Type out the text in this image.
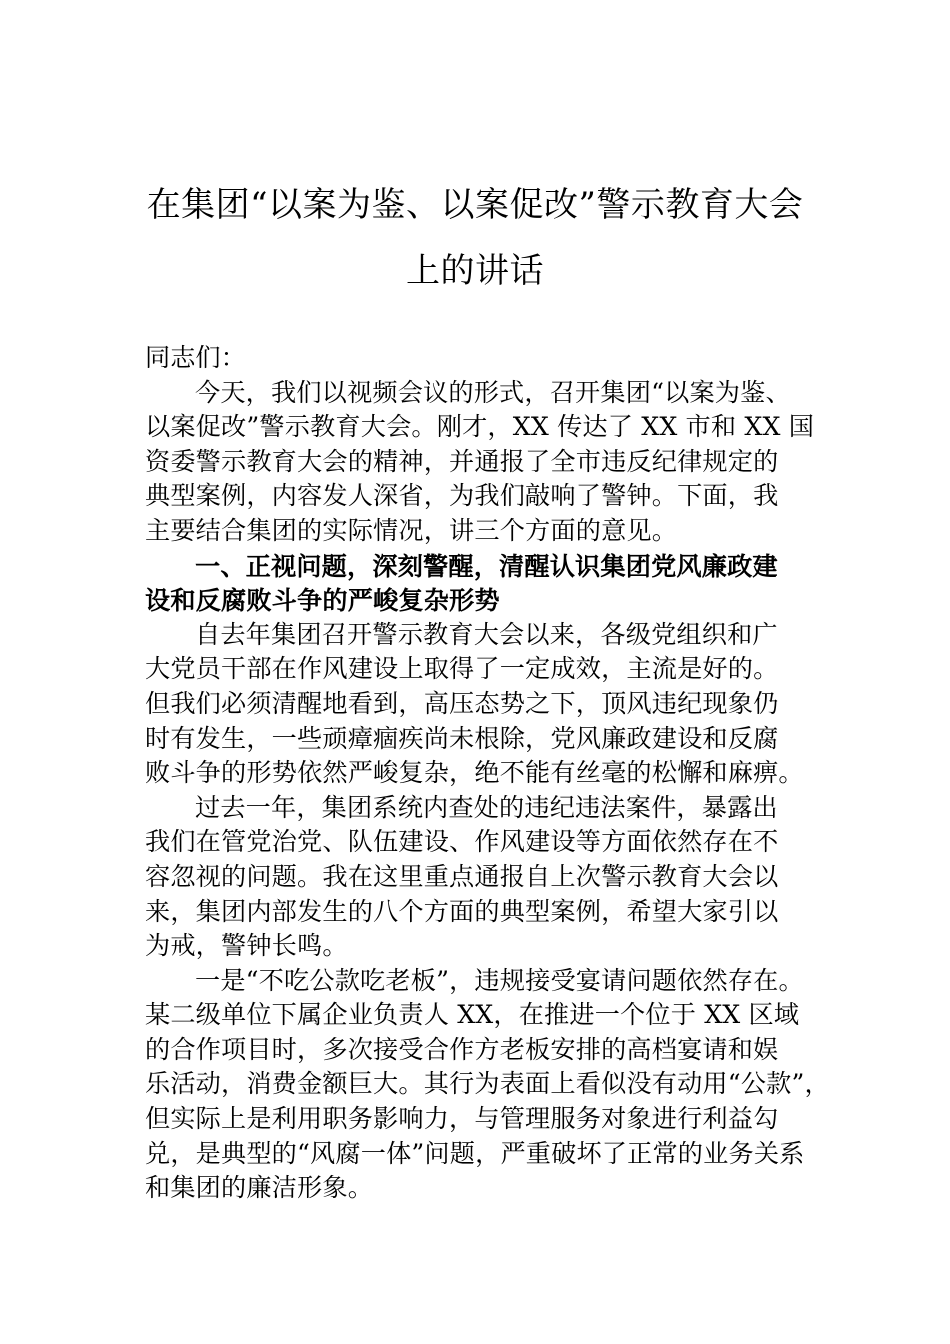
在集团“以案为鉴、以案促改”警示教育大会
上的讲话
同志们：
今天，我们以视频会议的形式，召开集团“以案为鉴、
以案促改”警示教育大会。刚才，XX 传达了 XX 市和 XX 国
资委警示教育大会的精神，并通报了全市违反纪律规定的
典型案例，内容发人深省，为我们敲响了警钟。下面，我
主要结合集团的实际情况，讲三个方面的意见。
一、正视问题，深刻警醒，清醒认识集团党风廉政建
设和反腐败斗争的严峻复杂形势
自去年集团召开警示教育大会以来，各级党组织和广
大党员干部在作风建设上取得了一定成效，主流是好的。
但我们必须清醒地看到，高压态势之下，顶风违纪现象仍
时有发生，一些顽瘴痼疾尚未根除，党风廉政建设和反腐
败斗争的形势依然严峻复杂，绝不能有丝毫的松懈和麻痹。
过去一年，集团系统内查处的违纪违法案件，暴露出
我们在管党治党、队伍建设、作风建设等方面依然存在不
容忽视的问题。我在这里重点通报自上次警示教育大会以
来，集团内部发生的八个方面的典型案例，希望大家引以
为戒，警钟长鸣。
一是“不吃公款吃老板”，违规接受宴请问题依然存在。
某二级单位下属企业负责人 XX，在推进一个位于 XX 区域
的合作项目时，多次接受合作方老板安排的高档宴请和娱
乐活动，消费金额巨大。其行为表面上看似没有动用“公款”，
但实际上是利用职务影响力，与管理服务对象进行利益勾
兑，是典型的“风腐一体”问题，严重破坏了正常的业务关系
和集团的廉洁形象。
